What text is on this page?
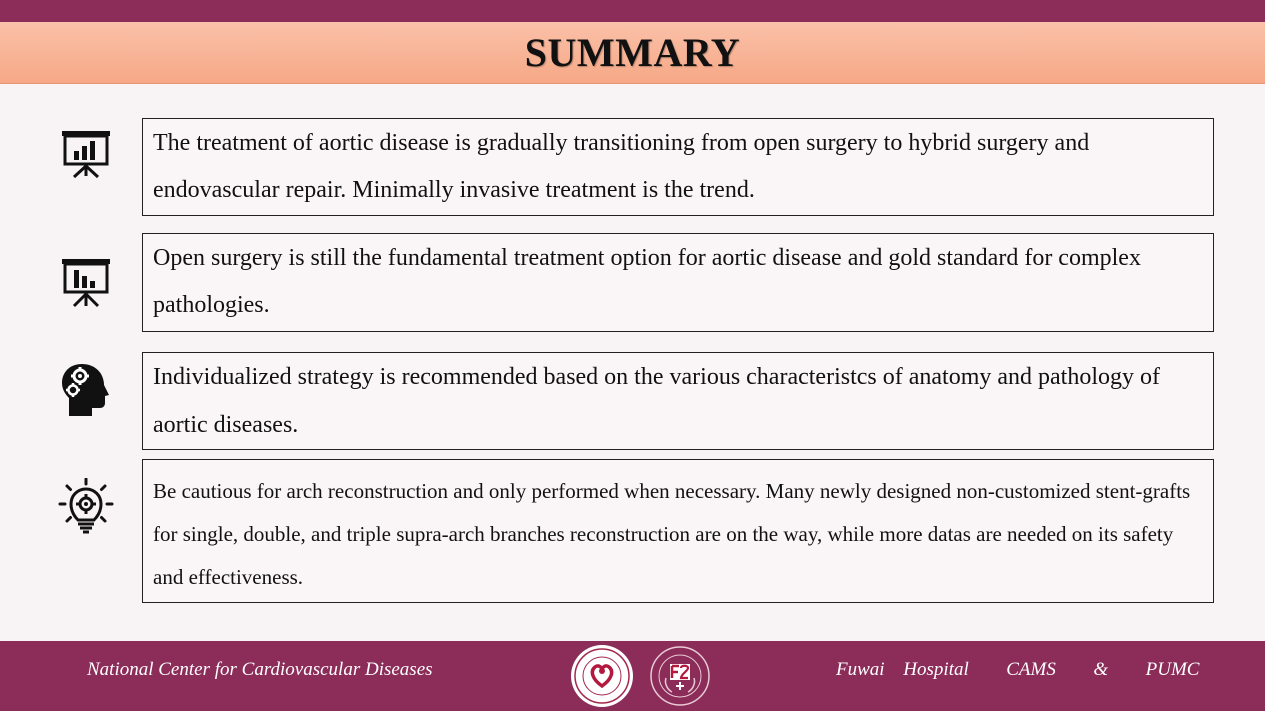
SUMMARY
The treatment of aortic disease is gradually transitioning from open surgery to hybrid surgery and endovascular repair. Minimally invasive treatment is the trend.
Open surgery is still the fundamental treatment option for aortic disease and gold standard for complex pathologies.
Individualized strategy is recommended based on the various characteristcs of anatomy and pathology of aortic diseases.
Be cautious for arch reconstruction and only performed when necessary. Many newly designed non-customized stent-grafts for single, double, and triple supra-arch branches reconstruction are on the way, while more datas are needed on its safety and effectiveness.
National Center for Cardiovascular Diseases	Fuwai Hospital  CAMS  &  PUMC
